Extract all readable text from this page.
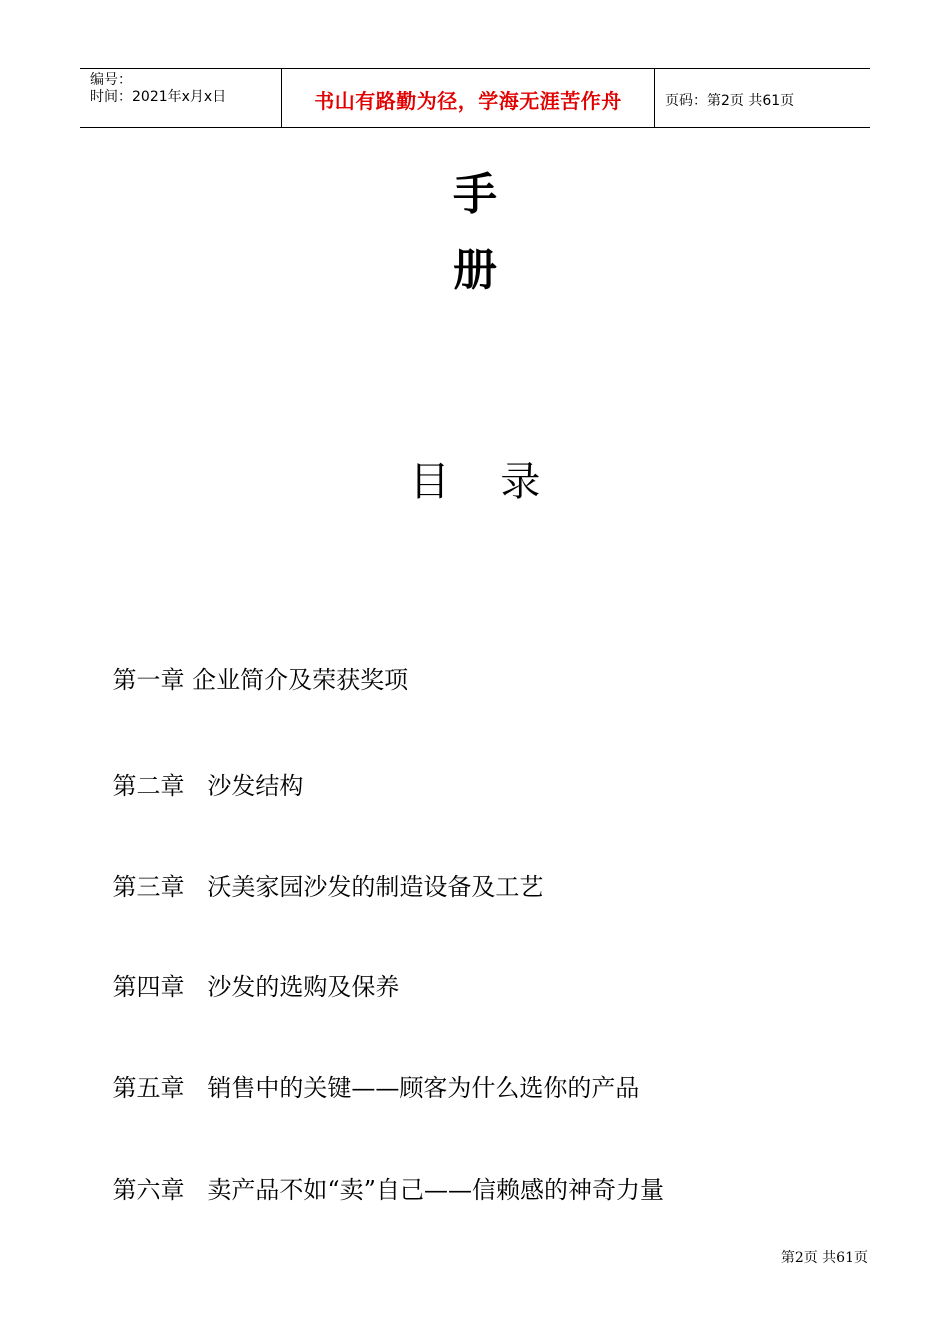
编号：
时间：2021年x月x日	书山有路勤为径，学海无涯苦作舟	页码：第2页 共61页
手
册
目    录

第一章 企业简介及荣获奖项

第二章 沙发结构

第三章 沃美家园沙发的制造设备及工艺

第四章 沙发的选购及保养

第五章 销售中的关键——顾客为什么选你的产品

第六章 卖产品不如“卖”自己——信赖感的神奇力量

第2页 共61页
